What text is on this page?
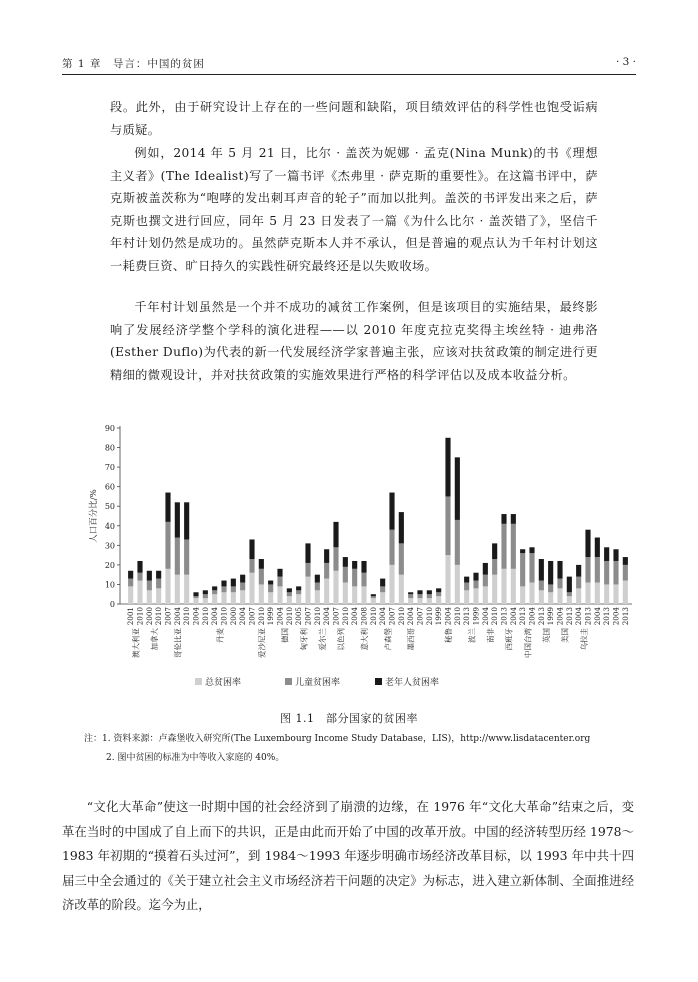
第 1 章　导言：中国的贫困	· 3 ·

段。此外，由于研究设计上存在的一些问题和缺陷，项目绩效评估的科学性也饱受诟病与质疑。

例如，2014 年 5 月 21 日，比尔 · 盖茨为妮娜 · 孟克(Nina Munk)的书《理想主义者》(The Idealist)写了一篇书评《杰弗里 · 萨克斯的重要性》。在这篇书评中，萨克斯被盖茨称为“咆哮的发出刺耳声音的轮子”而加以批判。盖茨的书评发出来之后，萨克斯也撰文进行回应，同年 5 月 23 日发表了一篇《为什么比尔 · 盖茨错了》，坚信千年村计划仍然是成功的。虽然萨克斯本人并不承认，但是普遍的观点认为千年村计划这一耗费巨资、旷日持久的实践性研究最终还是以失败收场。

千年村计划虽然是一个并不成功的减贫工作案例，但是该项目的实施结果，最终影响了发展经济学整个学科的演化进程——以 2010 年度克拉克奖得主埃丝特 · 迪弗洛(Esther Duflo)为代表的新一代发展经济学家普遍主张，应该对扶贫政策的制定进行更精细的微观设计，并对扶贫政策的实施效果进行严格的科学评估以及成本收益分析。

0
10
20
30
40
50
60
70
80
90
人口百分比/%
2001 2010 2000 2010 2007 2004 2010 2004 2010 2004 2010 2000 2004 2007 2010 1999 2004 2010 2005 2007 2010 2004 2007 2010 2004 2008 2010 2004 2007 2010 2004 2007 2010 1999 2004 2010 2013 1999 2004 2010 2013 2004 2013 2004 2013 1999 2004 2013 2004 2013 2004 2013 2004 2013
澳大利亚 加拿大 哥伦比亚	丹麦	爱沙尼亚 德国 匈牙利 爱尔兰 以色列 意大利 卢森堡 墨西哥	秘鲁 波兰 南非 西班牙 中国台湾 英国 美国 乌拉圭
总贫困率	儿童贫困率	老年人贫困率
图 1.1　部分国家的贫困率
注：1. 资料来源：卢森堡收入研究所(The Luxembourg Income Study Database，LIS)，http://www.lisdatacenter.org
2. 图中贫困的标准为中等收入家庭的 40%。

“文化大革命”使这一时期中国的社会经济到了崩溃的边缘，在 1976 年“文化大革命”结束之后，变革在当时的中国成了自上而下的共识，正是由此而开始了中国的改革开放。中国的经济转型历经 1978～1983 年初期的“摸着石头过河”，到 1984～1993 年逐步明确市场经济改革目标，以 1993 年中共十四届三中全会通过的《关于建立社会主义市场经济若干问题的决定》为标志，进入建立新体制、全面推进经济改革的阶段。迄今为止，
